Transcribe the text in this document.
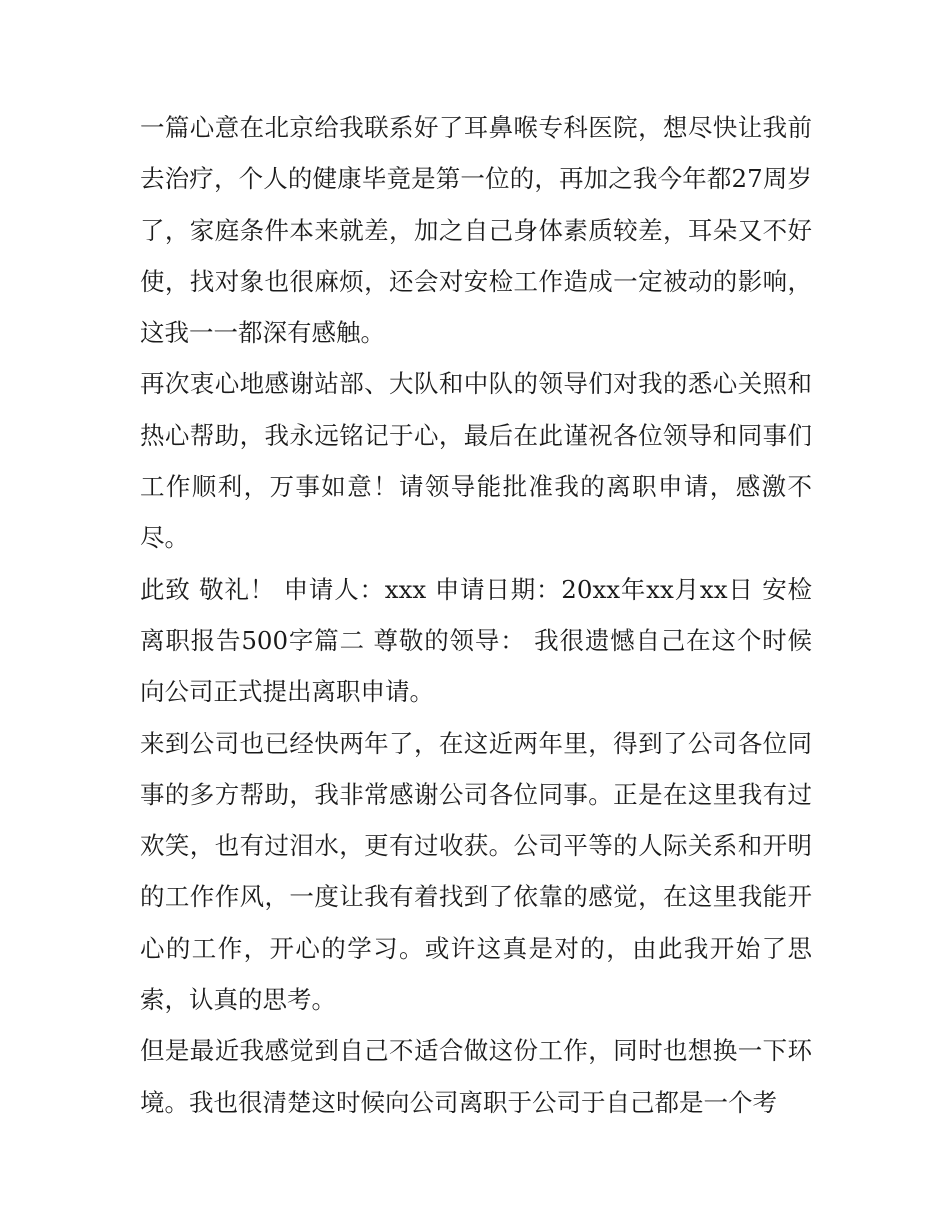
一篇心意在北京给我联系好了耳鼻喉专科医院，想尽快让我前去治疗，个人的健康毕竟是第一位的，再加之我今年都27周岁了，家庭条件本来就差，加之自己身体素质较差，耳朵又不好使，找对象也很麻烦，还会对安检工作造成一定被动的影响，这我一一都深有感触。

再次衷心地感谢站部、大队和中队的领导们对我的悉心关照和热心帮助，我永远铭记于心，最后在此谨祝各位领导和同事们工作顺利，万事如意！请领导能批准我的离职申请，感激不尽。

此致 敬礼！ 申请人：xxx 申请日期：20xx年xx月xx日 安检离职报告500字篇二 尊敬的领导： 我很遗憾自己在这个时候向公司正式提出离职申请。

来到公司也已经快两年了，在这近两年里，得到了公司各位同事的多方帮助，我非常感谢公司各位同事。正是在这里我有过欢笑，也有过泪水，更有过收获。公司平等的人际关系和开明的工作作风，一度让我有着找到了依靠的感觉，在这里我能开心的工作，开心的学习。或许这真是对的，由此我开始了思索，认真的思考。

但是最近我感觉到自己不适合做这份工作，同时也想换一下环境。我也很清楚这时候向公司离职于公司于自己都是一个考
